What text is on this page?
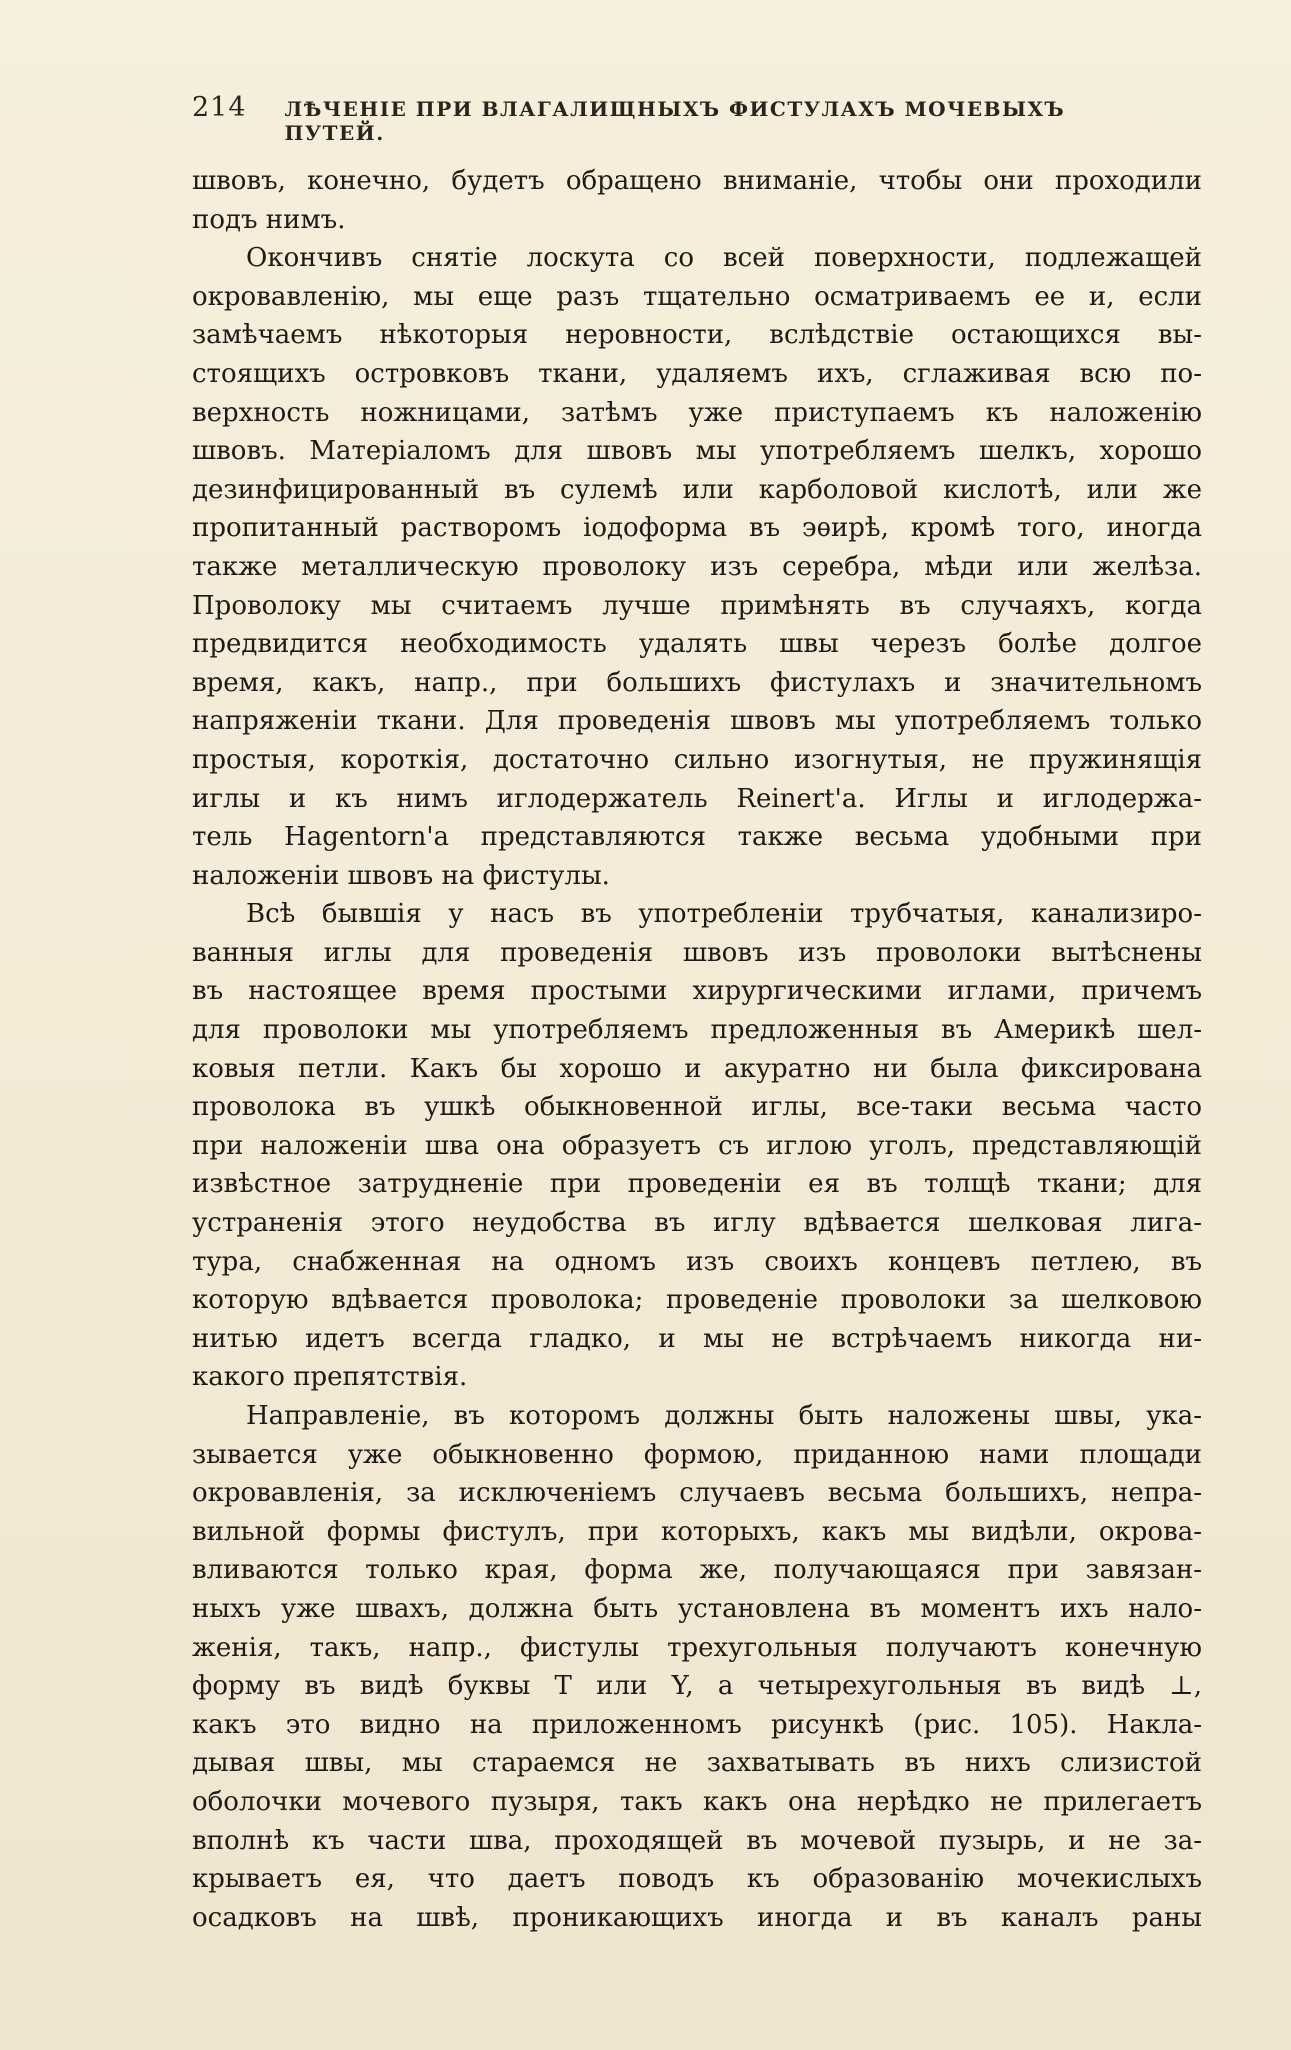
214 ЛѢЧЕНІЕ ПРИ ВЛАГАЛИЩНЫХЪ ФИСТУЛАХЪ МОЧЕВЫХЪ ПУТЕЙ.
швовъ, конечно, будетъ обращено вниманіе, чтобы они проходили
подъ нимъ.
Окончивъ снятіе лоскута со всей поверхности, подлежащей
окровавленію, мы еще разъ тщательно осматриваемъ ее и, если
замѣчаемъ нѣкоторыя неровности, вслѣдствіе остающихся вы-
стоящихъ островковъ ткани, удаляемъ ихъ, сглаживая всю по-
верхность ножницами, затѣмъ уже приступаемъ къ наложенію
швовъ. Матеріаломъ для швовъ мы употребляемъ шелкъ, хорошо
дезинфицированный въ сулемѣ или карболовой кислотѣ, или же
пропитанный растворомъ іодоформа въ эѳирѣ, кромѣ того, иногда
также металлическую проволоку изъ серебра, мѣди или желѣза.
Проволоку мы считаемъ лучше примѣнять въ случаяхъ, когда
предвидится необходимость удалять швы черезъ болѣе долгое
время, какъ, напр., при большихъ фистулахъ и значительномъ
напряженіи ткани. Для проведенія швовъ мы употребляемъ только
простыя, короткія, достаточно сильно изогнутыя, не пружинящія
иглы и къ нимъ иглодержатель Reinert'а. Иглы и иглодержа-
тель Hagentorn'а представляются также весьма удобными при
наложеніи швовъ на фистулы.
Всѣ бывшія у насъ въ употребленіи трубчатыя, канализиро-
ванныя иглы для проведенія швовъ изъ проволоки вытѣснены
въ настоящее время простыми хирургическими иглами, причемъ
для проволоки мы употребляемъ предложенныя въ Америкѣ шел-
ковыя петли. Какъ бы хорошо и акуратно ни была фиксирована
проволока въ ушкѣ обыкновенной иглы, все-таки весьма часто
при наложеніи шва она образуетъ съ иглою уголъ, представляющій
извѣстное затрудненіе при проведеніи ея въ толщѣ ткани; для
устраненія этого неудобства въ иглу вдѣвается шелковая лига-
тура, снабженная на одномъ изъ своихъ концевъ петлею, въ
которую вдѣвается проволока; проведеніе проволоки за шелковою
нитью идетъ всегда гладко, и мы не встрѣчаемъ никогда ни-
какого препятствія.
Направленіе, въ которомъ должны быть наложены швы, ука-
зывается уже обыкновенно формою, приданною нами площади
окровавленія, за исключеніемъ случаевъ весьма большихъ, непра-
вильной формы фистулъ, при которыхъ, какъ мы видѣли, окрова-
вливаются только края, форма же, получающаяся при завязан-
ныхъ уже швахъ, должна быть установлена въ моментъ ихъ нало-
женія, такъ, напр., фистулы трехугольныя получаютъ конечную
форму въ видѣ буквы Т или Y, а четырехугольныя въ видѣ ⊥,
какъ это видно на приложенномъ рисункѣ (рис. 105). Накла-
дывая швы, мы стараемся не захватывать въ нихъ слизистой
оболочки мочевого пузыря, такъ какъ она нерѣдко не прилегаетъ
вполнѣ къ части шва, проходящей въ мочевой пузырь, и не за-
крываетъ ея, что даетъ поводъ къ образованію мочекислыхъ
осадковъ на швѣ, проникающихъ иногда и въ каналъ раны
